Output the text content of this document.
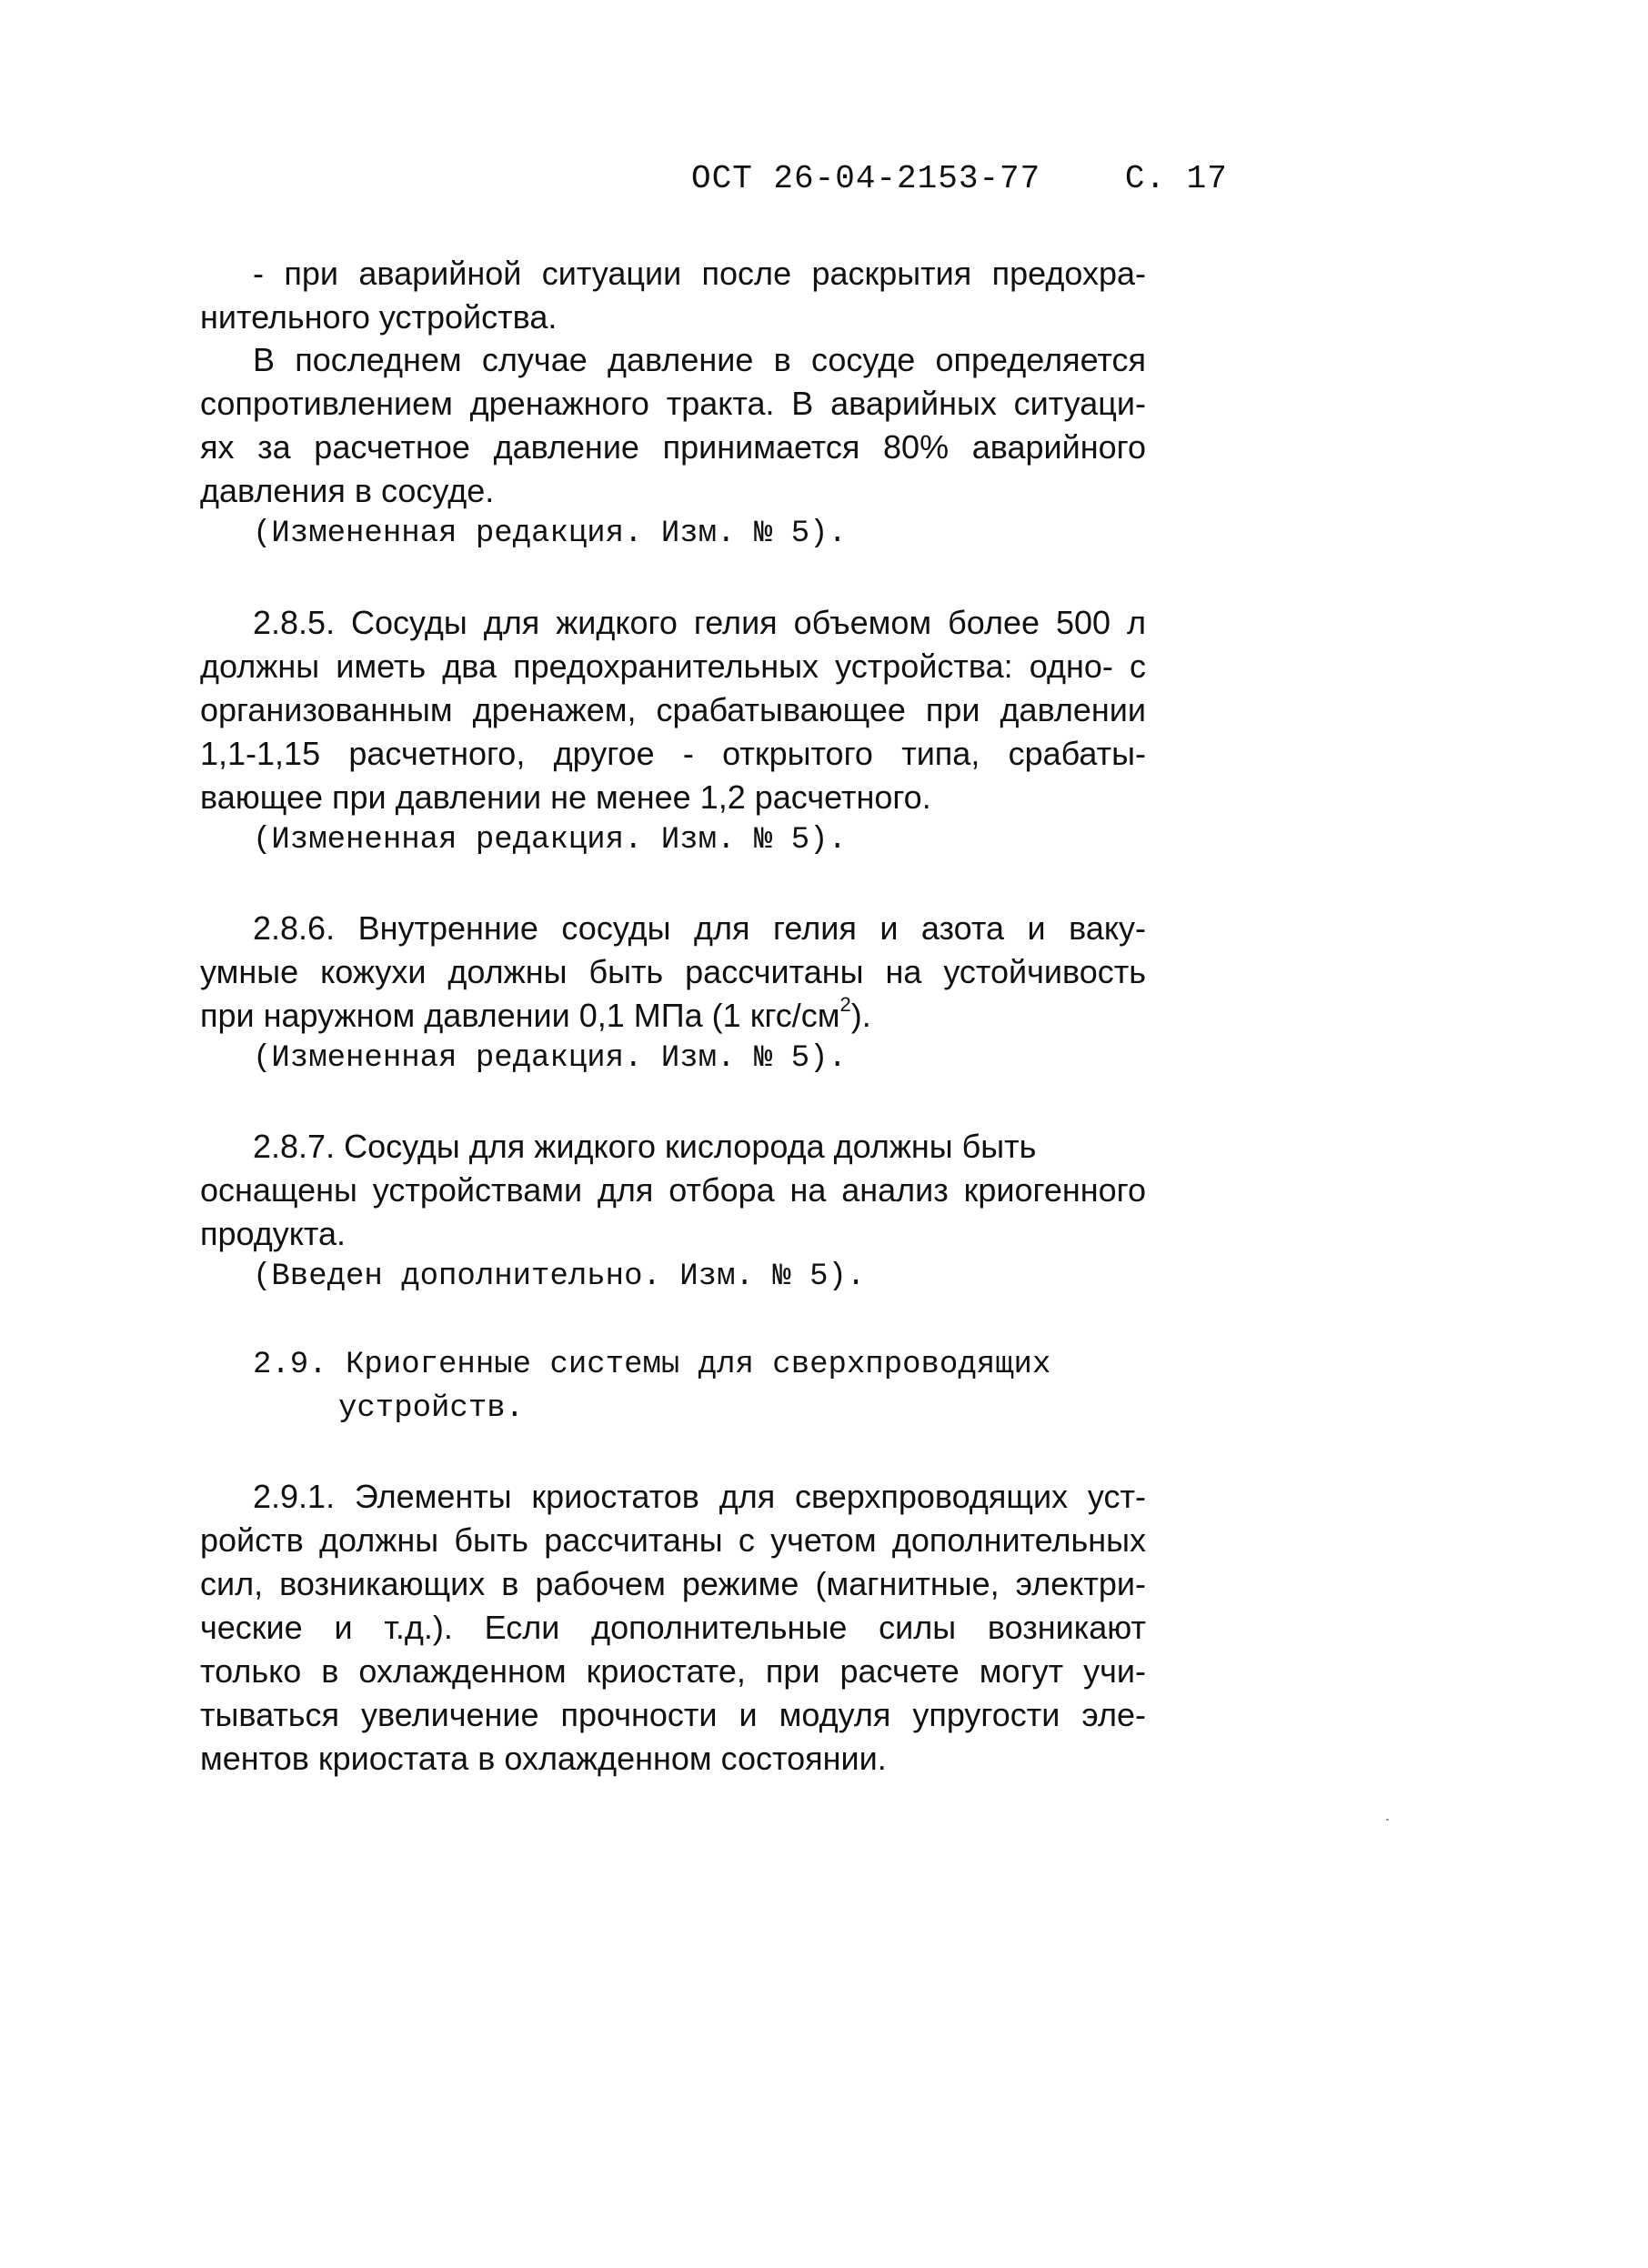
ОСТ 26-04-2153-77	С. 17
- при аварийной ситуации после раскрытия предохра-
нительного устройства.
В последнем случае давление в сосуде определяется
сопротивлением дренажного тракта. В аварийных ситуаци-
ях за расчетное давление принимается 80% аварийного
давления в сосуде.
(Измененная редакция. Изм. № 5).
2.8.5. Сосуды для жидкого гелия объемом более 500 л
должны иметь два предохранительных устройства: одно- с
организованным дренажем, срабатывающее при давлении
1,1-1,15 расчетного, другое - открытого типа, срабаты-
вающее при давлении не менее 1,2 расчетного.
(Измененная редакция. Изм. № 5).
2.8.6. Внутренние сосуды для гелия и азота и ваку-
умные кожухи должны быть рассчитаны на устойчивость
при наружном давлении 0,1 МПа (1 кгс/$см^2$).
(Измененная редакция. Изм. № 5).
2.8.7. Сосуды для жидкого кислорода должны быть
оснащены устройствами для отбора на анализ криогенного
продукта.
(Введен дополнительно. Изм. № 5).
2.9. Криогенные системы для сверхпроводящих
устройств.
2.9.1. Элементы криостатов для сверхпроводящих уст-
ройств должны быть рассчитаны с учетом дополнительных
сил, возникающих в рабочем режиме (магнитные, электри-
ческие и т.д.). Если дополнительные силы возникают
только в охлажденном криостате, при расчете могут учи-
тываться увеличение прочности и модуля упругости эле-
ментов криостата в охлажденном состоянии.
